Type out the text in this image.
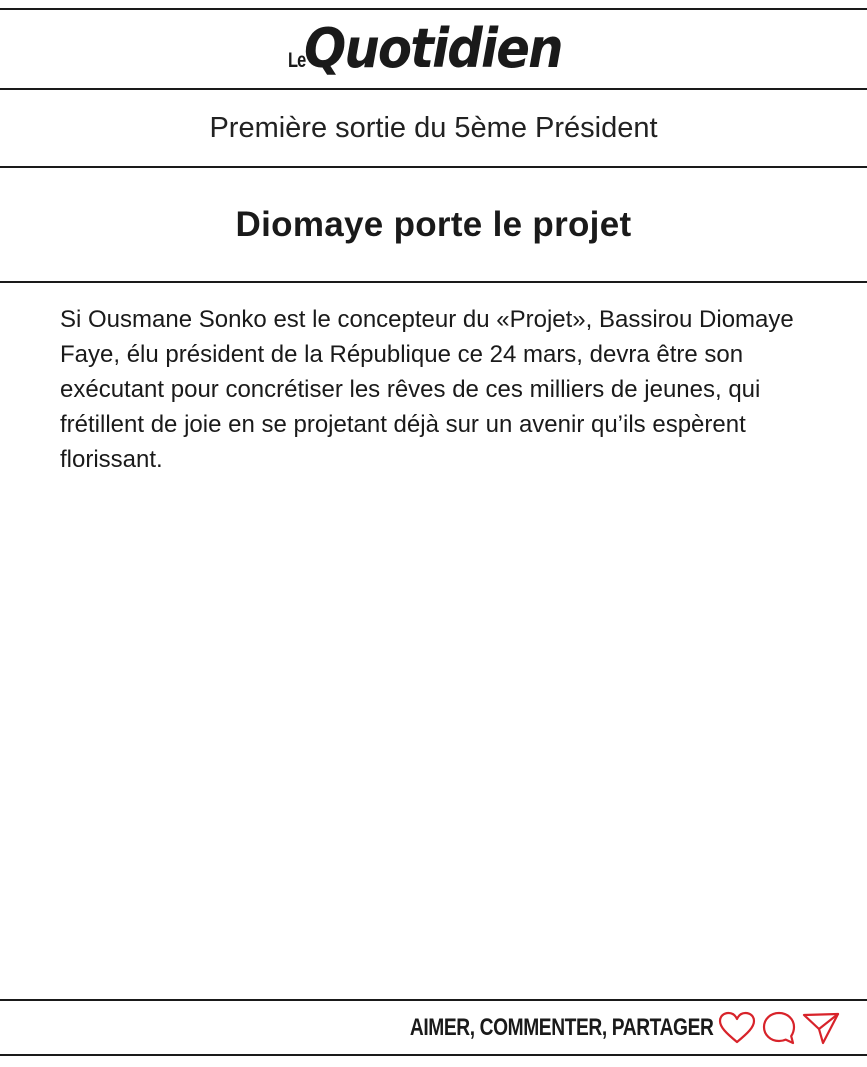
Le
Quotidien
Première sortie du 5ème Président
Diomaye porte le projet

Si Ousmane Sonko est le concepteur du «Projet», Bassirou Diomaye Faye, élu président de la République ce 24 mars, devra être son exécutant pour concrétiser les rêves de ces milliers de jeunes, qui frétillent de joie en se projetant déjà sur un avenir qu’ils espèrent florissant.

AIMER, COMMENTER, PARTAGER
